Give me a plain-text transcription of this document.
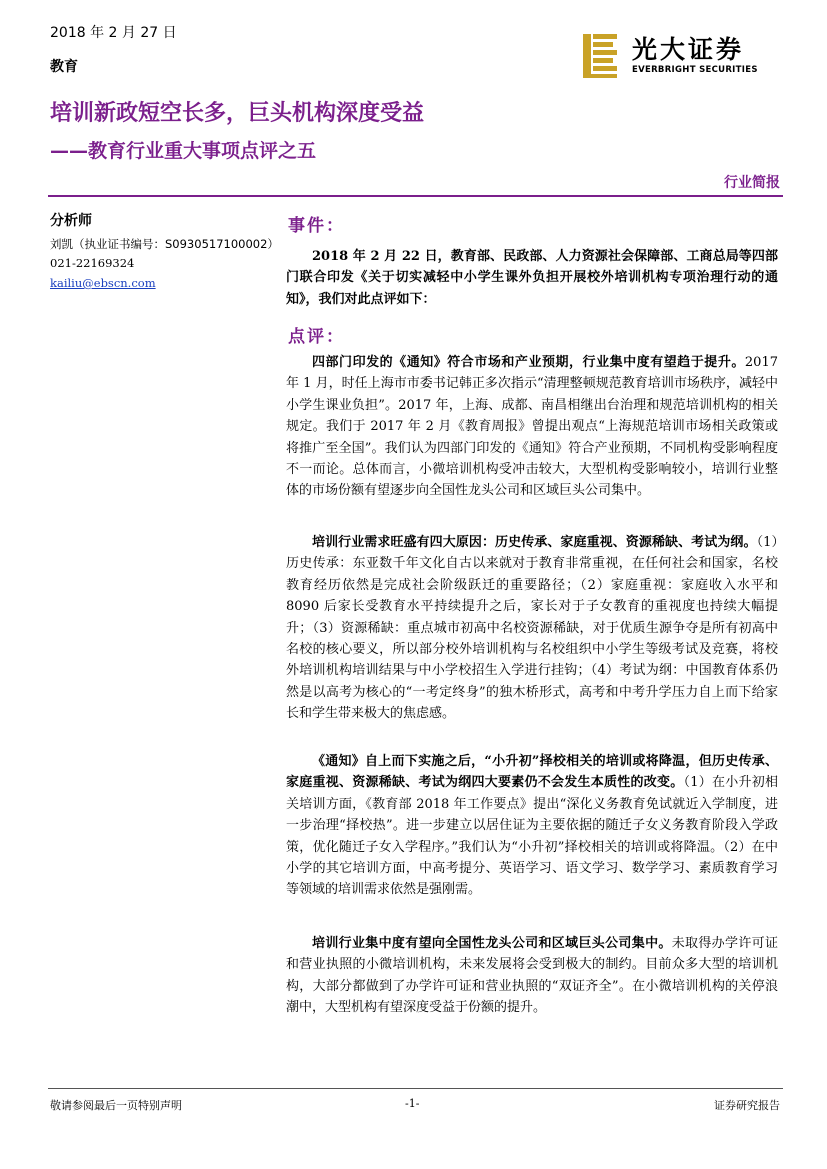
2018 年 2 月 27 日
教育
光大证券
EVERBRIGHT SECURITIES
培训新政短空长多，巨头机构深度受益
——教育行业重大事项点评之五
行业简报
分析师
刘凯（执业证书编号：S0930517100002）
021-22169324
kailiu@ebscn.com
事件：
2018 年 2 月 22 日，教育部、民政部、人力资源社会保障部、工商总局等四部门联合印发《关于切实减轻中小学生课外负担开展校外培训机构专项治理行动的通知》，我们对此点评如下：
点评：
四部门印发的《通知》符合市场和产业预期，行业集中度有望趋于提升。2017 年 1 月，时任上海市市委书记韩正多次指示“清理整顿规范教育培训市场秩序，减轻中小学生课业负担”。2017 年，上海、成都、南昌相继出台治理和规范培训机构的相关规定。我们于 2017 年 2 月《教育周报》曾提出观点“上海规范培训市场相关政策或将推广至全国”。我们认为四部门印发的《通知》符合产业预期，不同机构受影响程度不一而论。总体而言，小微培训机构受冲击较大，大型机构受影响较小，培训行业整体的市场份额有望逐步向全国性龙头公司和区域巨头公司集中。
培训行业需求旺盛有四大原因：历史传承、家庭重视、资源稀缺、考试为纲。（1）历史传承：东亚数千年文化自古以来就对于教育非常重视，在任何社会和国家，名校教育经历依然是完成社会阶级跃迁的重要路径；（2）家庭重视：家庭收入水平和 8090 后家长受教育水平持续提升之后，家长对于子女教育的重视度也持续大幅提升；（3）资源稀缺：重点城市初高中名校资源稀缺，对于优质生源争夺是所有初高中名校的核心要义，所以部分校外培训机构与名校组织中小学生等级考试及竞赛，将校外培训机构培训结果与中小学校招生入学进行挂钩；（4）考试为纲：中国教育体系仍然是以高考为核心的“一考定终身”的独木桥形式，高考和中考升学压力自上而下给家长和学生带来极大的焦虑感。
《通知》自上而下实施之后，“小升初”择校相关的培训或将降温，但历史传承、家庭重视、资源稀缺、考试为纲四大要素仍不会发生本质性的改变。（1）在小升初相关培训方面，《教育部 2018 年工作要点》提出“深化义务教育免试就近入学制度，进一步治理“择校热”。进一步建立以居住证为主要依据的随迁子女义务教育阶段入学政策，优化随迁子女入学程序。”我们认为“小升初”择校相关的培训或将降温。（2）在中小学的其它培训方面，中高考提分、英语学习、语文学习、数学学习、素质教育学习等领域的培训需求依然是强刚需。
培训行业集中度有望向全国性龙头公司和区域巨头公司集中。未取得办学许可证和营业执照的小微培训机构，未来发展将会受到极大的制约。目前众多大型的培训机构，大部分都做到了办学许可证和营业执照的“双证齐全”。在小微培训机构的关停浪潮中，大型机构有望深度受益于份额的提升。
敬请参阅最后一页特别声明	-1-	证券研究报告
